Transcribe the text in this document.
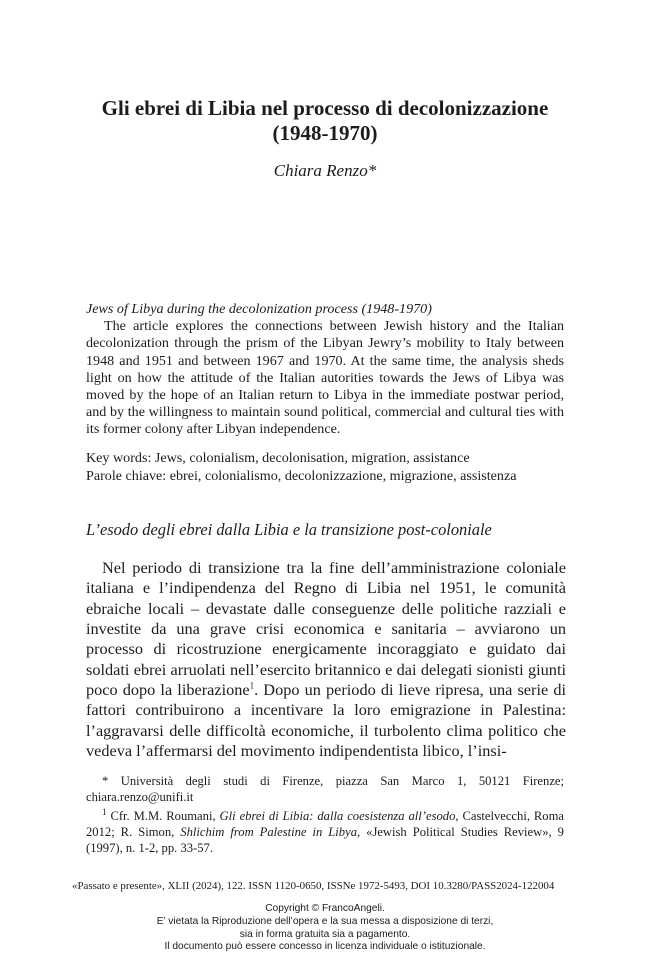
Gli ebrei di Libia nel processo di decolonizzazione
(1948-1970)
Chiara Renzo*
Jews of Libya during the decolonization process (1948-1970)

The article explores the connections between Jewish history and the Italian decolonization through the prism of the Libyan Jewry’s mobility to Italy between 1948 and 1951 and between 1967 and 1970. At the same time, the analysis sheds light on how the attitude of the Italian autorities towards the Jews of Libya was moved by the hope of an Italian return to Libya in the immediate postwar period, and by the willingness to maintain sound political, commercial and cultural ties with its former colony after Libyan independence.

Key words: Jews, colonialism, decolonisation, migration, assistance
Parole chiave: ebrei, colonialismo, decolonizzazione, migrazione, assistenza
L’esodo degli ebrei dalla Libia e la transizione post-coloniale

Nel periodo di transizione tra la fine dell’amministrazione coloniale italiana e l’indipendenza del Regno di Libia nel 1951, le comunità ebraiche locali – devastate dalle conseguenze delle politiche razziali e investite da una grave crisi economica e sanitaria – avviarono un processo di ricostruzione energicamente incoraggiato e guidato dai soldati ebrei arruolati nell’esercito britannico e dai delegati sionisti giunti poco dopo la liberazione$^1$. Dopo un periodo di lieve ripresa, una serie di fattori contribuirono a incentivare la loro emigrazione in Palestina: l’aggravarsi delle difficoltà economiche, il turbolento clima politico che vedeva l’affermarsi del movimento indipendentista libico, l’insi-

* Università degli studi di Firenze, piazza San Marco 1, 50121 Firenze; chiara.renzo@unifi.it

$^1$ Cfr. M.M. Roumani, Gli ebrei di Libia: dalla coesistenza all’esodo, Castelvecchi, Roma 2012; R. Simon, Shlichim from Palestine in Libya, «Jewish Political Studies Review», 9 (1997), n. 1-2, pp. 33-57.

«Passato e presente», XLII (2024), 122. ISSN 1120-0650, ISSNe 1972-5493, DOI 10.3280/PASS2024-122004
Copyright © FrancoAngeli.
E’ vietata la Riproduzione dell’opera e la sua messa a disposizione di terzi,
sia in forma gratuita sia a pagamento.
Il documento può essere concesso in licenza individuale o istituzionale.
